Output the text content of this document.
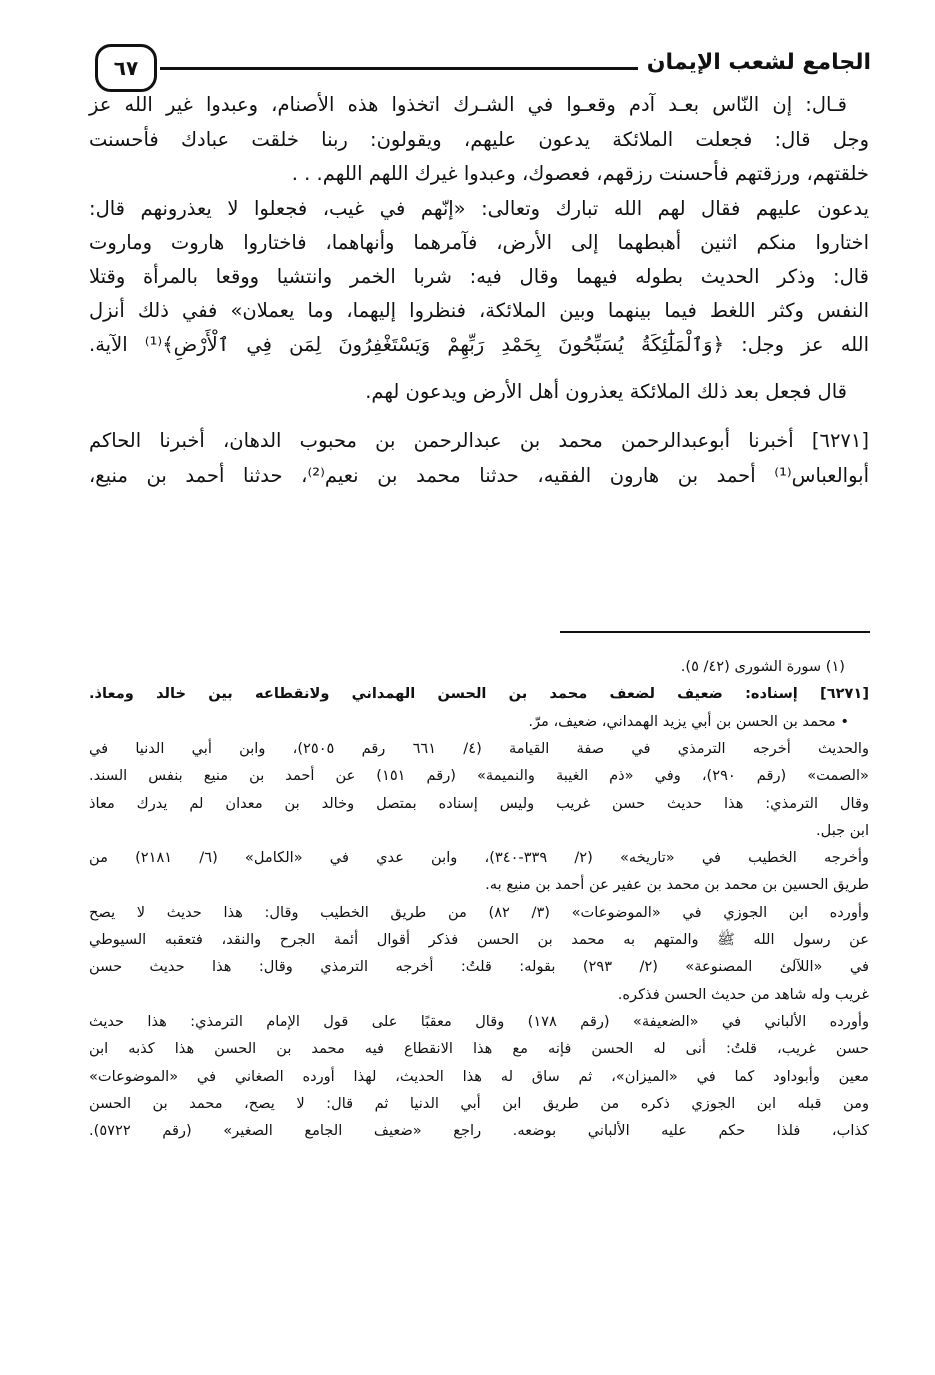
الجامع لشعب الإيمان
٦٧
قـال: إن النّاس بعـد آدم وقعـوا في الشـرك اتخذوا هذه الأصنام، وعبدوا غير الله عز
وجل قال: فجعلت الملائكة يدعون عليهم، ويقولون: ربنا خلقت عبادك فأحسنت
خلقتهم، ورزقتهم فأحسنت رزقهم، فعصوك، وعبدوا غيرك اللهم اللهم. . .
يدعون عليهم فقال لهم الله تبارك وتعالى: «إنّهم في غيب، فجعلوا لا يعذرونهم قال:
اختاروا منكم اثنين أهبطهما إلى الأرض، فآمرهما وأنهاهما، فاختاروا هاروت وماروت
قال: وذكر الحديث بطوله فيهما وقال فيه: شربا الخمر وانتشيا ووقعا بالمرأة وقتلا
النفس وكثر اللغط فيما بينهما وبين الملائكة، فنظروا إليهما، وما يعملان» ففي ذلك أنزل
الله عز وجل: ﴿وَٱلْمَلَٰٓئِكَةُ يُسَبِّحُونَ بِحَمْدِ رَبِّهِمْ وَيَسْتَغْفِرُونَ لِمَن فِي ٱلْأَرْضِ﴾⁽¹⁾ الآية.
قال فجعل بعد ذلك الملائكة يعذرون أهل الأرض ويدعون لهم.
[٦٢٧١] أخبرنا أبوعبدالرحمن محمد بن عبدالرحمن بن محبوب الدهان، أخبرنا الحاكم
أبوالعباس⁽¹⁾ أحمد بن هارون الفقيه، حدثنا محمد بن نعيم⁽²⁾، حدثنا أحمد بن منيع،
(١) سورة الشورى (٤٢/ ٥).
[٦٢٧١] إسناده: ضعيف لضعف محمد بن الحسن الهمداني ولانقطاعه بين خالد ومعاذ.
• محمد بن الحسن بن أبي يزيد الهمداني، ضعيف، مرّ.
والحديث أخرجه الترمذي في صفة القيامة (٤/ ٦٦١ رقم ٢٥٠٥)، وابن أبي الدنيا في
«الصمت» (رقم ٢٩٠)، وفي «ذم الغيبة والنميمة» (رقم ١٥١) عن أحمد بن منيع بنفس السند.
وقال الترمذي: هذا حديث حسن غريب وليس إسناده بمتصل وخالد بن معدان لم يدرك معاذ
ابن جبل.
وأخرجه الخطيب في «تاريخه» (٢/ ٣٣٩-٣٤٠)، وابن عدي في «الكامل» (٦/ ٢١٨١) من
طريق الحسين بن محمد بن محمد بن عفير عن أحمد بن منيع به.
وأورده ابن الجوزي في «الموضوعات» (٣/ ٨٢) من طريق الخطيب وقال: هذا حديث لا يصح
عن رسول الله ﷺ والمتهم به محمد بن الحسن فذكر أقوال أئمة الجرح والنقد، فتعقبه السيوطي
في «اللآلئ المصنوعة» (٢/ ٢٩٣) بقوله: قلتُ: أخرجه الترمذي وقال: هذا حديث حسن
غريب وله شاهد من حديث الحسن فذكره.
وأورده الألباني في «الضعيفة» (رقم ١٧٨) وقال معقبًا على قول الإمام الترمذي: هذا حديث
حسن غريب، قلتُ: أنى له الحسن فإنه مع هذا الانقطاع فيه محمد بن الحسن هذا كذبه ابن
معين وأبوداود كما في «الميزان»، ثم ساق له هذا الحديث، لهذا أورده الصغاني في «الموضوعات»
ومن قبله ابن الجوزي ذكره من طريق ابن أبي الدنيا ثم قال: لا يصح، محمد بن الحسن
كذاب، فلذا حكم عليه الألباني بوضعه. راجع «ضعيف الجامع الصغير» (رقم ٥٧٢٢).
